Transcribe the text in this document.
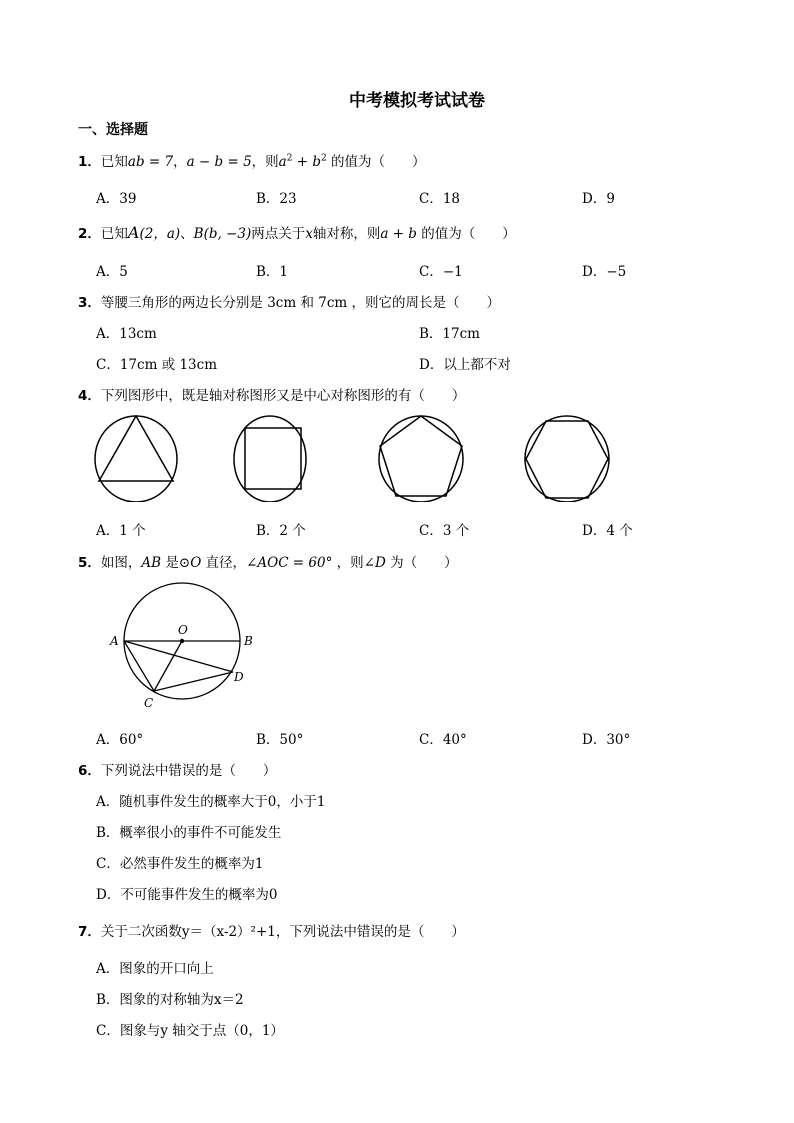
中考模拟考试试卷
一、选择题
1．已知ab = 7，a − b = 5，则$a^2 + b^2$ 的值为（　　）
A．39	B．23	C．18	D．9
2．已知A(2，a)、B(b, −3)两点关于x轴对称，则a + b 的值为（　　）
A．5	B．1	C．−1	D．−5
3．等腰三角形的两边长分别是 3cm 和 7cm ，则它的周长是（　　）
A．13cm	B．17cm
C．17cm 或 13cm	D．以上都不对
4．下列图形中，既是轴对称图形又是中心对称图形的有（　　）
A．1 个	B．2 个	C．3 个	D．4 个
5．如图，AB 是⊙O 直径，∠AOC = 60° ，则∠D 为（　　）
A
O
B
C
D
A．60°	B．50°	C．40°	D．30°
6．下列说法中错误的是（　　）
A．随机事件发生的概率大于0，小于1
B．概率很小的事件不可能发生
C．必然事件发生的概率为1
D．不可能事件发生的概率为0
7．关于二次函数y＝（x-2）²+1，下列说法中错误的是（　　）
A．图象的开口向上
B．图象的对称轴为x＝2
C．图象与y 轴交于点（0，1）
